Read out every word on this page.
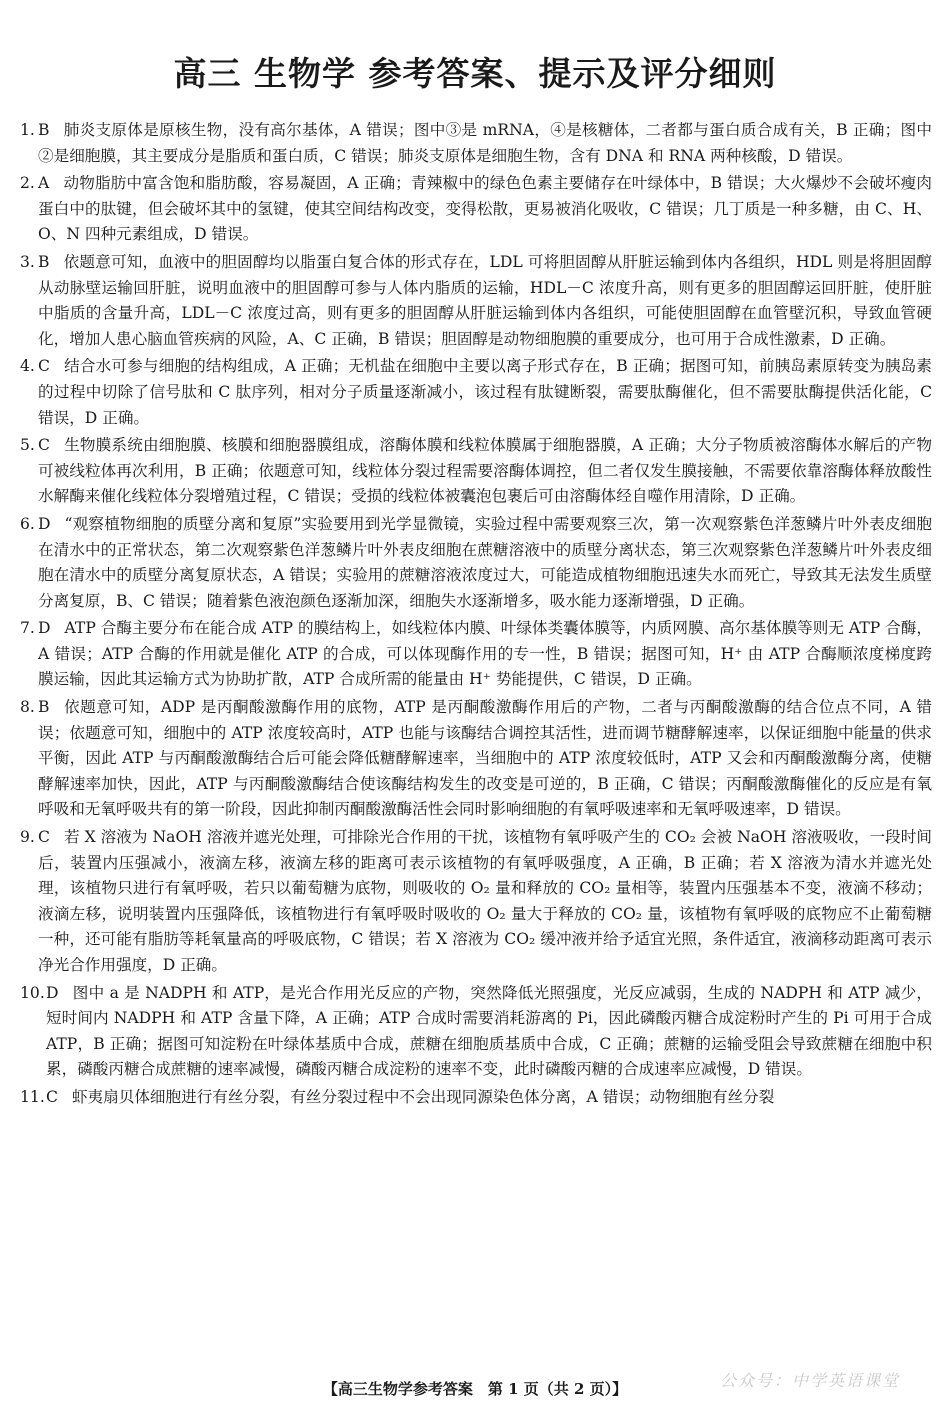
高三 生物学 参考答案、提示及评分细则
1. B 肺炎支原体是原核生物，没有高尔基体，A 错误；图中③是 mRNA，④是核糖体，二者都与蛋白质合成有关，B 正确；图中②是细胞膜，其主要成分是脂质和蛋白质，C 错误；肺炎支原体是细胞生物，含有 DNA 和 RNA 两种核酸，D 错误。
2. A 动物脂肪中富含饱和脂肪酸，容易凝固，A 正确；青辣椒中的绿色色素主要储存在叶绿体中，B 错误；大火爆炒不会破坏瘦肉蛋白中的肽键，但会破坏其中的氢键，使其空间结构改变，变得松散，更易被消化吸收，C 错误；几丁质是一种多糖，由 C、H、O、N 四种元素组成，D 错误。
3. B 依题意可知，血液中的胆固醇均以脂蛋白复合体的形式存在，LDL 可将胆固醇从肝脏运输到体内各组织，HDL 则是将胆固醇从动脉壁运输回肝脏，说明血液中的胆固醇可参与人体内脂质的运输，HDL－C 浓度升高，则有更多的胆固醇运回肝脏，使肝脏中脂质的含量升高，LDL－C 浓度过高，则有更多的胆固醇从肝脏运输到体内各组织，可能使胆固醇在血管壁沉积，导致血管硬化，增加人患心脑血管疾病的风险，A、C 正确，B 错误；胆固醇是动物细胞膜的重要成分，也可用于合成性激素，D 正确。
4. C 结合水可参与细胞的结构组成，A 正确；无机盐在细胞中主要以离子形式存在，B 正确；据图可知，前胰岛素原转变为胰岛素的过程中切除了信号肽和 C 肽序列，相对分子质量逐渐减小，该过程有肽键断裂，需要肽酶催化，但不需要肽酶提供活化能，C 错误，D 正确。
5. C 生物膜系统由细胞膜、核膜和细胞器膜组成，溶酶体膜和线粒体膜属于细胞器膜，A 正确；大分子物质被溶酶体水解后的产物可被线粒体再次利用，B 正确；依题意可知，线粒体分裂过程需要溶酶体调控，但二者仅发生膜接触，不需要依靠溶酶体释放酸性水解酶来催化线粒体分裂增殖过程，C 错误；受损的线粒体被囊泡包裹后可由溶酶体经自噬作用清除，D 正确。
6. D “观察植物细胞的质壁分离和复原”实验要用到光学显微镜，实验过程中需要观察三次，第一次观察紫色洋葱鳞片叶外表皮细胞在清水中的正常状态，第二次观察紫色洋葱鳞片叶外表皮细胞在蔗糖溶液中的质壁分离状态，第三次观察紫色洋葱鳞片叶外表皮细胞在清水中的质壁分离复原状态，A 错误；实验用的蔗糖溶液浓度过大，可能造成植物细胞迅速失水而死亡，导致其无法发生质壁分离复原，B、C 错误；随着紫色液泡颜色逐渐加深，细胞失水逐渐增多，吸水能力逐渐增强，D 正确。
7. D ATP 合酶主要分布在能合成 ATP 的膜结构上，如线粒体内膜、叶绿体类囊体膜等，内质网膜、高尔基体膜等则无 ATP 合酶，A 错误；ATP 合酶的作用就是催化 ATP 的合成，可以体现酶作用的专一性，B 错误；据图可知，H⁺ 由 ATP 合酶顺浓度梯度跨膜运输，因此其运输方式为协助扩散，ATP 合成所需的能量由 H⁺ 势能提供，C 错误，D 正确。
8. B 依题意可知，ADP 是丙酮酸激酶作用的底物，ATP 是丙酮酸激酶作用后的产物，二者与丙酮酸激酶的结合位点不同，A 错误；依题意可知，细胞中的 ATP 浓度较高时，ATP 也能与该酶结合调控其活性，进而调节糖酵解速率，以保证细胞中能量的供求平衡，因此 ATP 与丙酮酸激酶结合后可能会降低糖酵解速率，当细胞中的 ATP 浓度较低时，ATP 又会和丙酮酸激酶分离，使糖酵解速率加快，因此，ATP 与丙酮酸激酶结合使该酶结构发生的改变是可逆的，B 正确，C 错误；丙酮酸激酶催化的反应是有氧呼吸和无氧呼吸共有的第一阶段，因此抑制丙酮酸激酶活性会同时影响细胞的有氧呼吸速率和无氧呼吸速率，D 错误。
9. C 若 X 溶液为 NaOH 溶液并遮光处理，可排除光合作用的干扰，该植物有氧呼吸产生的 CO₂ 会被 NaOH 溶液吸收，一段时间后，装置内压强减小，液滴左移，液滴左移的距离可表示该植物的有氧呼吸强度，A 正确，B 正确；若 X 溶液为清水并遮光处理，该植物只进行有氧呼吸，若只以葡萄糖为底物，则吸收的 O₂ 量和释放的 CO₂ 量相等，装置内压强基本不变，液滴不移动；液滴左移，说明装置内压强降低，该植物进行有氧呼吸时吸收的 O₂ 量大于释放的 CO₂ 量，该植物有氧呼吸的底物应不止葡萄糖一种，还可能有脂肪等耗氧量高的呼吸底物，C 错误；若 X 溶液为 CO₂ 缓冲液并给予适宜光照，条件适宜，液滴移动距离可表示净光合作用强度，D 正确。
10. D 图中 a 是 NADPH 和 ATP，是光合作用光反应的产物，突然降低光照强度，光反应减弱，生成的 NADPH 和 ATP 减少，短时间内 NADPH 和 ATP 含量下降，A 正确；ATP 合成时需要消耗游离的 Pi，因此磷酸丙糖合成淀粉时产生的 Pi 可用于合成 ATP，B 正确；据图可知淀粉在叶绿体基质中合成，蔗糖在细胞质基质中合成，C 正确；蔗糖的运输受阻会导致蔗糖在细胞中积累，磷酸丙糖合成蔗糖的速率减慢，磷酸丙糖合成淀粉的速率不变，此时磷酸丙糖的合成速率应减慢，D 错误。
11. C 虾夷扇贝体细胞进行有丝分裂，有丝分裂过程中不会出现同源染色体分离，A 错误；动物细胞有丝分裂
【高三生物学参考答案　第 1 页（共 2 页）】	公众号：中学英语课堂
